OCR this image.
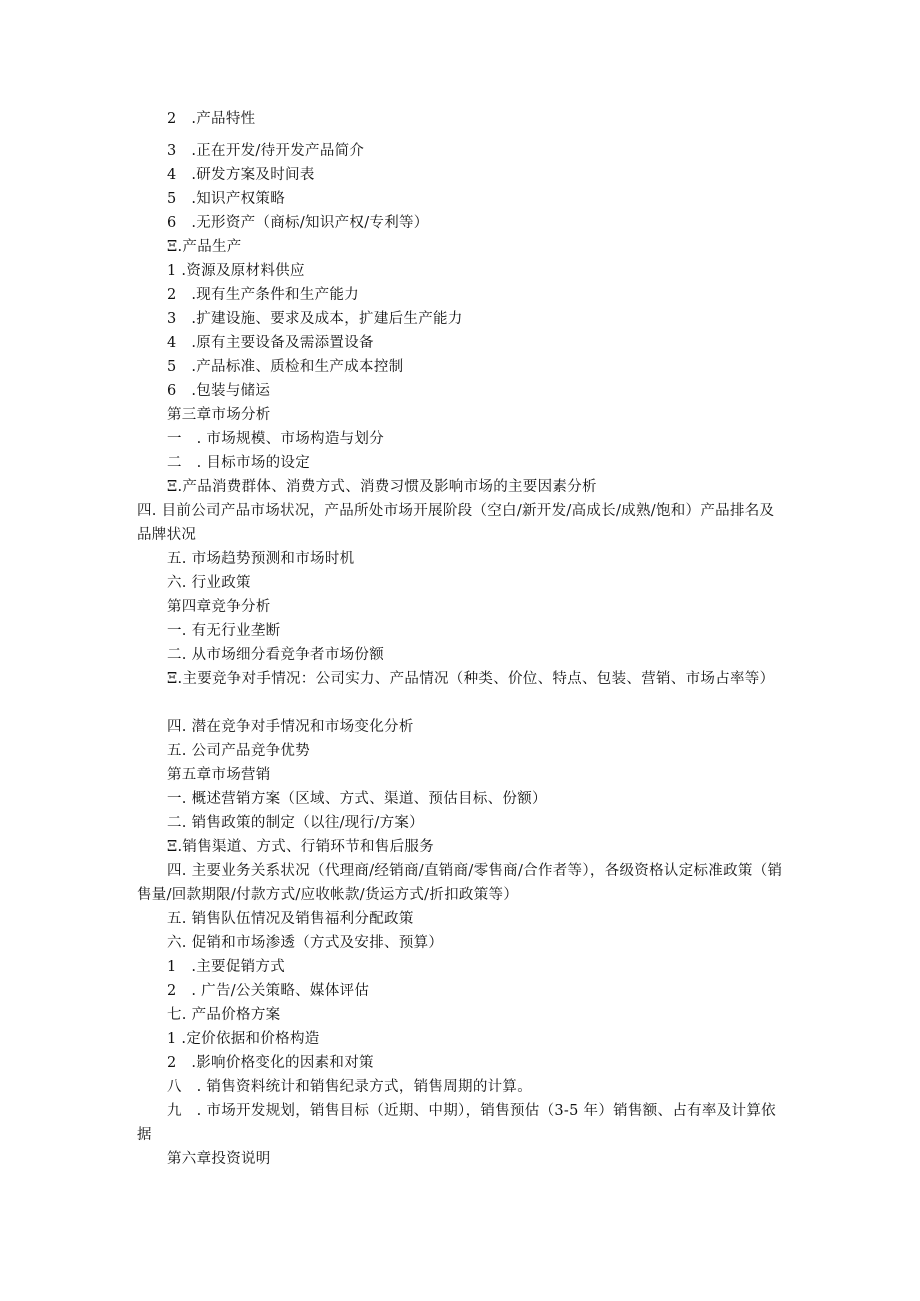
2　.产品特性
3　.正在开发/待开发产品简介
4　.研发方案及时间表
5　.知识产权策略
6　.无形资产（商标/知识产权/专利等）
Ξ.产品生产
1 .资源及原材料供应
2　.现有生产条件和生产能力
3　.扩建设施、要求及成本，扩建后生产能力
4　.原有主要设备及需添置设备
5　.产品标准、质检和生产成本控制
6　.包装与储运
第三章市场分析
一　. 市场规模、市场构造与划分
二　. 目标市场的设定
Ξ.产品消费群体、消费方式、消费习惯及影响市场的主要因素分析
四. 目前公司产品市场状况，产品所处市场开展阶段（空白/新开发/高成长/成熟/饱和）产品排名及品牌状况
五. 市场趋势预测和市场时机
六. 行业政策
第四章竞争分析
一. 有无行业垄断
二. 从市场细分看竞争者市场份额
Ξ.主要竞争对手情况：公司实力、产品情况（种类、价位、特点、包装、营销、市场占率等）
四. 潜在竞争对手情况和市场变化分析
五. 公司产品竞争优势
第五章市场营销
一. 概述营销方案（区域、方式、渠道、预估目标、份额）
二. 销售政策的制定（以往/现行/方案）
Ξ.销售渠道、方式、行销环节和售后服务
四. 主要业务关系状况（代理商/经销商/直销商/零售商/合作者等），各级资格认定标准政策（销售量/回款期限/付款方式/应收帐款/货运方式/折扣政策等）
五. 销售队伍情况及销售福利分配政策
六. 促销和市场渗透（方式及安排、预算）
1　.主要促销方式
2　. 广告/公关策略、媒体评估
七. 产品价格方案
1 .定价依据和价格构造
2　.影响价格变化的因素和对策
八　. 销售资料统计和销售纪录方式，销售周期的计算。
九　. 市场开发规划，销售目标（近期、中期），销售预估（3-5 年）销售额、占有率及计算依据
第六章投资说明
